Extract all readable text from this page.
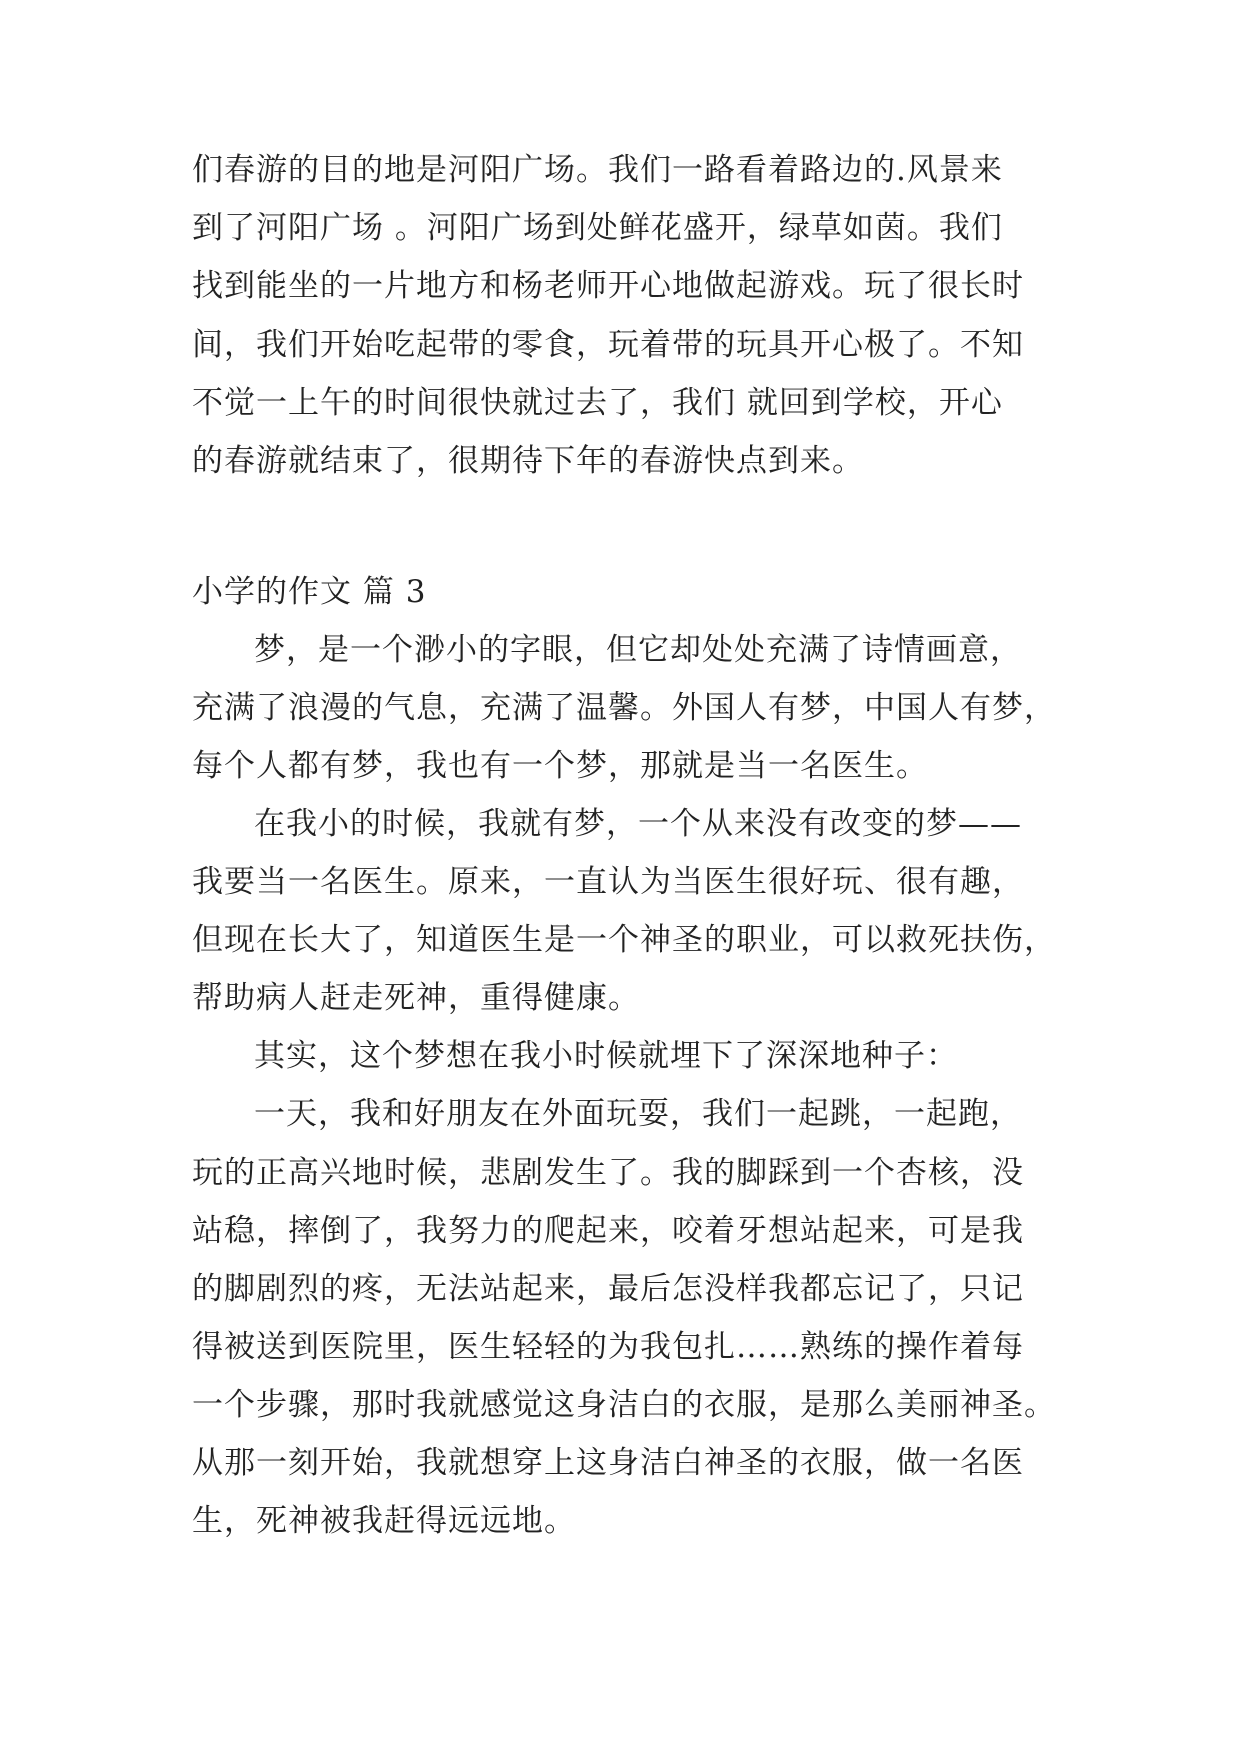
们春游的目的地是河阳广场。我们一路看着路边的.风景来
到了河阳广场 。河阳广场到处鲜花盛开，绿草如茵。我们
找到能坐的一片地方和杨老师开心地做起游戏。玩了很长时
间，我们开始吃起带的零食，玩着带的玩具开心极了。不知
不觉一上午的时间很快就过去了，我们 就回到学校，开心
的春游就结束了，很期待下年的春游快点到来。
小学的作文 篇 3
梦，是一个渺小的字眼，但它却处处充满了诗情画意，
充满了浪漫的气息，充满了温馨。外国人有梦，中国人有梦，
每个人都有梦，我也有一个梦，那就是当一名医生。
在我小的时候，我就有梦，一个从来没有改变的梦——
我要当一名医生。原来，一直认为当医生很好玩、很有趣，
但现在长大了，知道医生是一个神圣的职业，可以救死扶伤，
帮助病人赶走死神，重得健康。
其实，这个梦想在我小时候就埋下了深深地种子：
一天，我和好朋友在外面玩耍，我们一起跳，一起跑，
玩的正高兴地时候，悲剧发生了。我的脚踩到一个杏核，没
站稳，摔倒了，我努力的爬起来，咬着牙想站起来，可是我
的脚剧烈的疼，无法站起来，最后怎没样我都忘记了，只记
得被送到医院里，医生轻轻的为我包扎……熟练的操作着每
一个步骤，那时我就感觉这身洁白的衣服，是那么美丽神圣。
从那一刻开始，我就想穿上这身洁白神圣的衣服，做一名医
生，死神被我赶得远远地。
